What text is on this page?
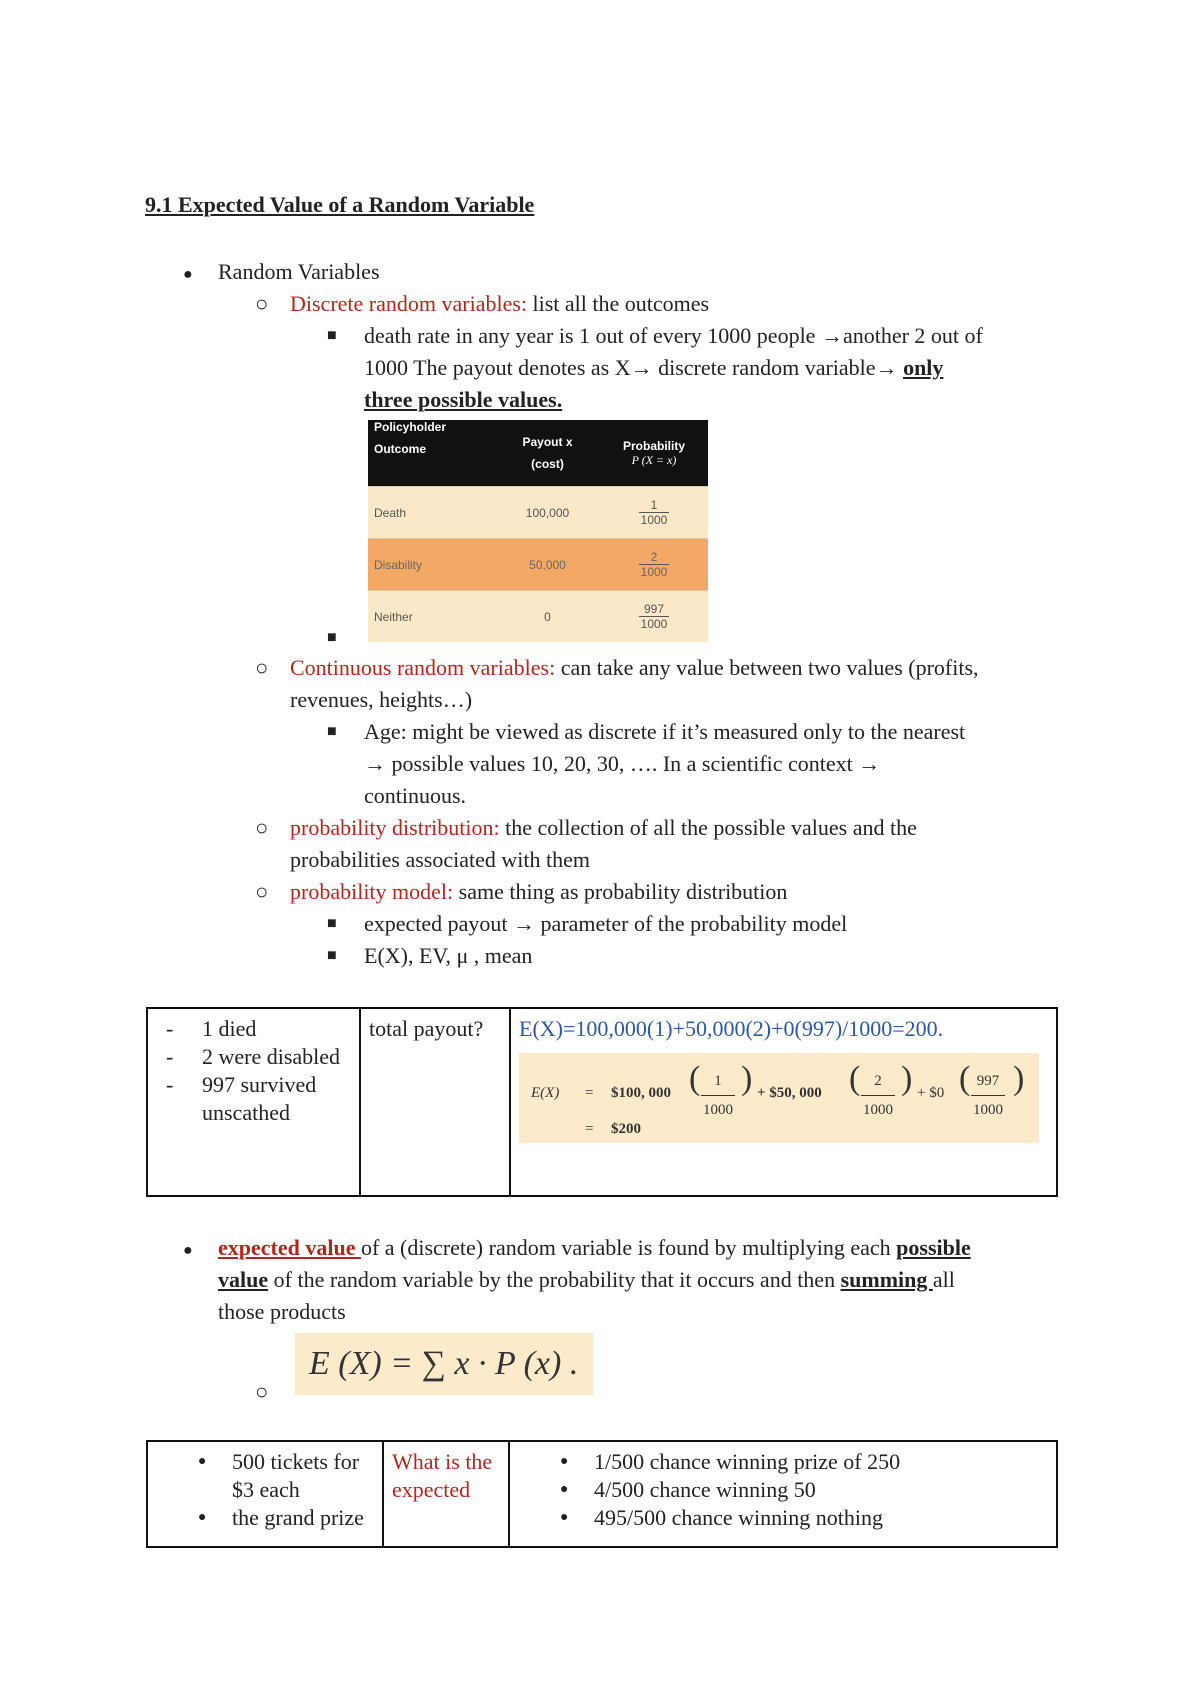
9.1 Expected Value of a Random Variable
● Random Variables
○ Discrete random variables: list all the outcomes
■ death rate in any year is 1 out of every 1000 people →another 2 out of
1000 The payout denotes as X→ discrete random variable→ only
three possible values.
Policyholder
Outcome	Payout x
(cost)
Probability
P (X = x)
Death	100,000	$\frac{1}{1000}$
Disability	50,000	$\frac{2}{1000}$
Neither	0	$\frac{997}{1000}$
■
○ Continuous random variables: can take any value between two values (profits,
revenues, heights…)
■ Age: might be viewed as discrete if it’s measured only to the nearest
→ possible values 10, 20, 30, …. In a scientific context →
continuous.
○ probability distribution: the collection of all the possible values and the
probabilities associated with them
○ probability model: same thing as probability distribution
■ expected payout → parameter of the probability model
■ E(X), EV, μ , mean
-	1 died
-	2 were disabled
-	997 survived unscathed
	total payout?	E(X)=100,000(1)+50,000(2)+0(997)/1000=200.
E(X) = $100, 000 ( $\frac{1}{1000}$ ) + $50, 000 ( $\frac{2}{1000}$ ) + $0 ( $\frac{997}{1000}$ )
= $200
● expected value of a (discrete) random variable is found by multiplying each possible
value of the random variable by the probability that it occurs and then summing all
those products
E (X) = ∑ x · P (x) .
○
●	500 tickets for $3 each
●	the grand prize
	What is the expected	
●	1/500 chance winning prize of 250
●	4/500 chance winning 50
●	495/500 chance winning nothing
